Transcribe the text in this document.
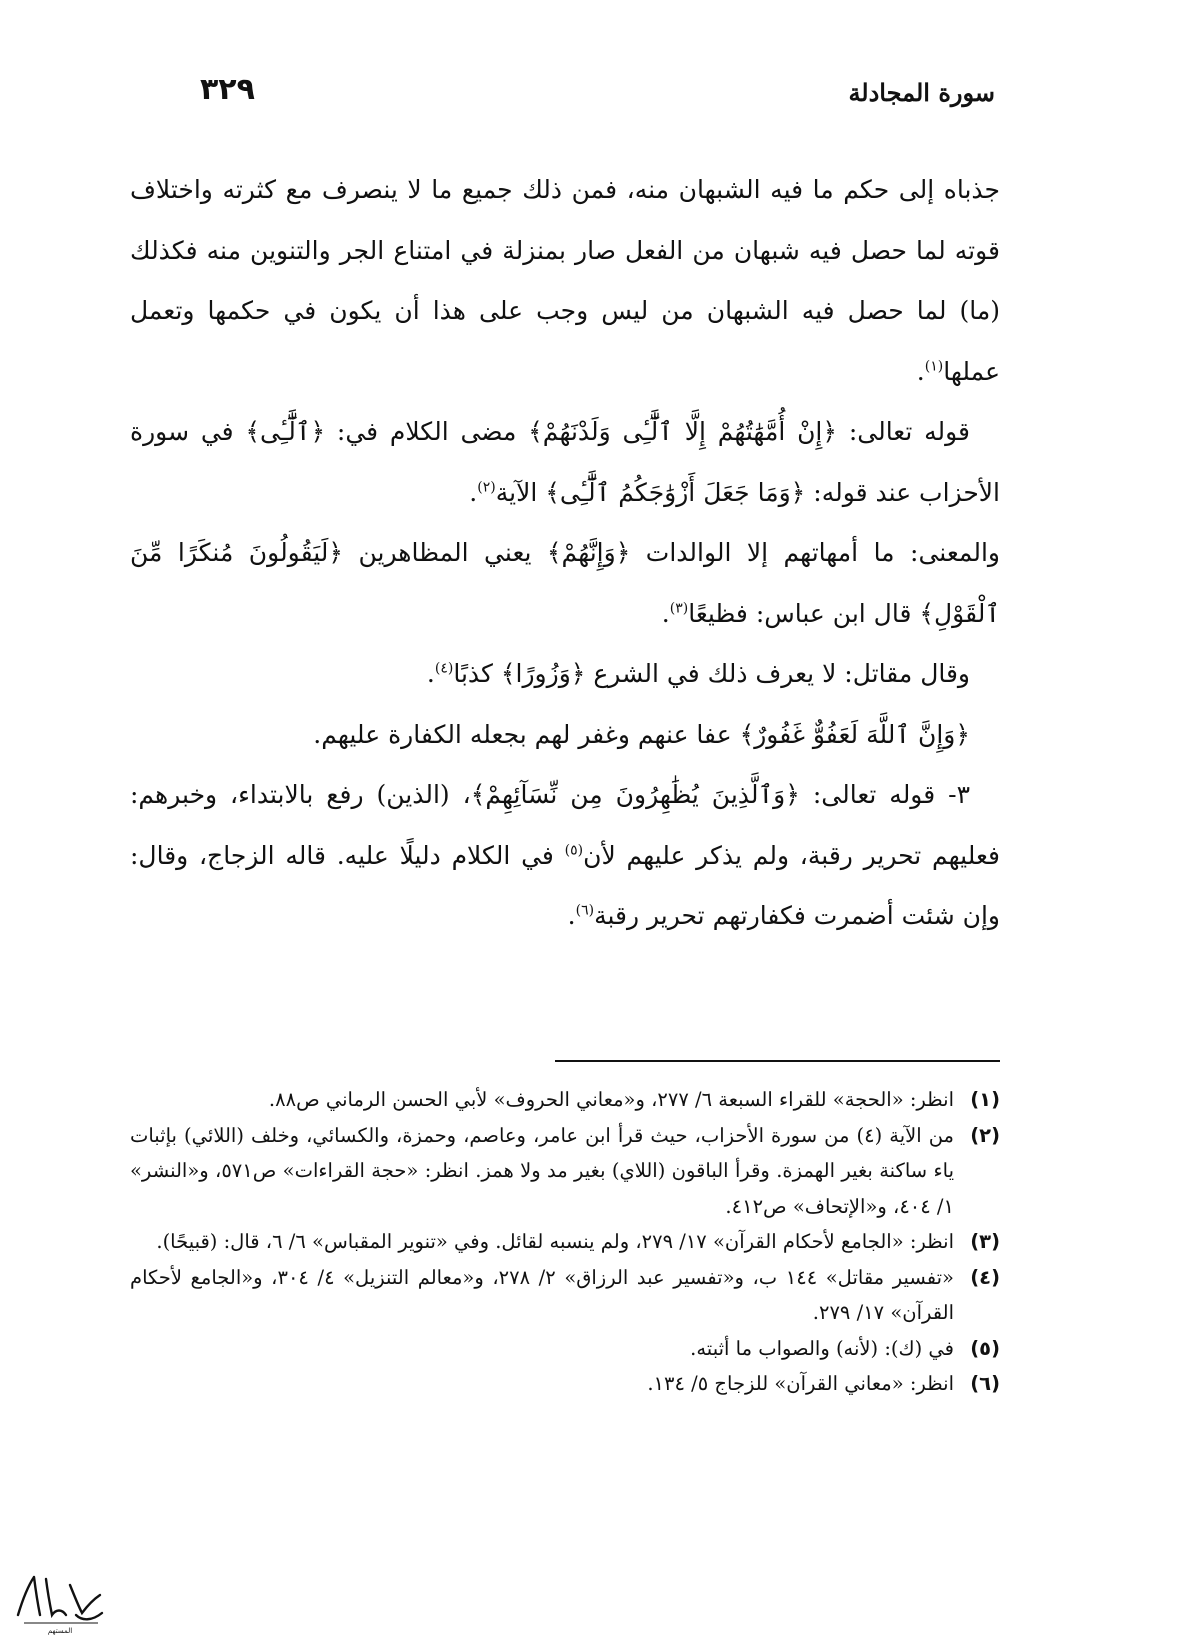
سورة المجادلة
٣٢٩

جذباه إلى حكم ما فيه الشبهان منه، فمن ذلك جميع ما لا ينصرف مع كثرته واختلاف قوته لما حصل فيه شبهان من الفعل صار بمنزلة في امتناع الجر والتنوين منه فكذلك (ما) لما حصل فيه الشبهان من ليس وجب على هذا أن يكون في حكمها وتعمل عملها$^{(١)}$.

قوله تعالى: ﴿إِنْ أُمَّهَٰتُهُمْ إِلَّا ٱلَّٰٓـِٔى وَلَدْنَهُمْ﴾ مضى الكلام في: ﴿ٱلَّٰٓـِٔى﴾ في سورة الأحزاب عند قوله: ﴿وَمَا جَعَلَ أَزْوَٰجَكُمُ ٱلَّٰٓـِٔى﴾ الآية$^{(٢)}$.

والمعنى: ما أمهاتهم إلا الوالدات ﴿وَإِنَّهُمْ﴾ يعني المظاهرين ﴿لَيَقُولُونَ مُنكَرًا مِّنَ ٱلْقَوْلِ﴾ قال ابن عباس: فظيعًا$^{(٣)}$.

وقال مقاتل: لا يعرف ذلك في الشرع ﴿وَزُورًا﴾ كذبًا$^{(٤)}$.

﴿وَإِنَّ ٱللَّهَ لَعَفُوٌّ غَفُورٌ﴾ عفا عنهم وغفر لهم بجعله الكفارة عليهم.

٣- قوله تعالى: ﴿وَٱلَّذِينَ يُظَٰهِرُونَ مِن نِّسَآئِهِمْ﴾، (الذين) رفع بالابتداء، وخبرهم: فعليهم تحرير رقبة، ولم يذكر عليهم لأن$^{(٥)}$ في الكلام دليلًا عليه. قاله الزجاج، وقال: وإن شئت أضمرت فكفارتهم تحرير رقبة$^{(٦)}$.

(١)
انظر: «الحجة» للقراء السبعة ٦/ ٢٧٧، و«معاني الحروف» لأبي الحسن الرماني ص٨٨.
(٢)
من الآية (٤) من سورة الأحزاب، حيث قرأ ابن عامر، وعاصم، وحمزة، والكسائي، وخلف (اللائي) بإثبات ياء ساكنة بغير الهمزة. وقرأ الباقون (اللاي) بغير مد ولا همز. انظر: «حجة القراءات» ص٥٧١، و«النشر» ١/ ٤٠٤، و«الإتحاف» ص٤١٢.
(٣)
انظر: «الجامع لأحكام القرآن» ١٧/ ٢٧٩، ولم ينسبه لقائل. وفي «تنوير المقباس» ٦/ ٦، قال: (قبيحًا).
(٤)
«تفسير مقاتل» ١٤٤ ب، و«تفسير عبد الرزاق» ٢/ ٢٧٨، و«معالم التنزيل» ٤/ ٣٠٤، و«الجامع لأحكام القرآن» ١٧/ ٢٧٩.
(٥)
في (ك): (لأنه) والصواب ما أثبته.
(٦)
انظر: «معاني القرآن» للزجاج ٥/ ١٣٤.
المستهم
